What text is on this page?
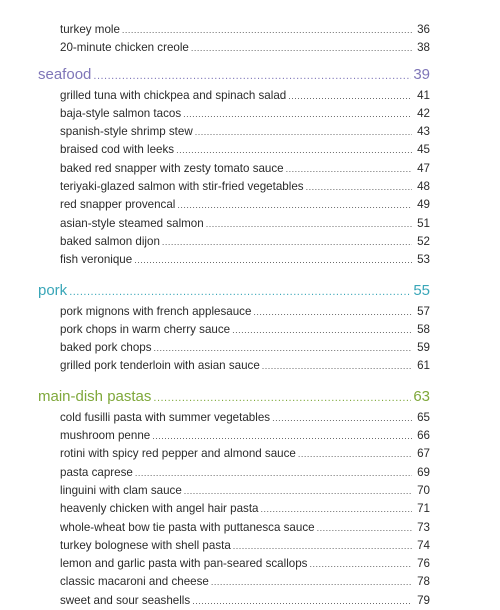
turkey mole .....	36
20-minute chicken creole .....	38
seafood .....	39
grilled tuna with chickpea and spinach salad .....	41
baja-style salmon tacos .....	42
spanish-style shrimp stew .....	43
braised cod with leeks .....	45
baked red snapper with zesty tomato sauce .....	47
teriyaki-glazed salmon with stir-fried vegetables .....	48
red snapper provencal .....	49
asian-style steamed salmon .....	51
baked salmon dijon .....	52
fish veronique .....	53
pork .....	55
pork mignons with french applesauce .....	57
pork chops in warm cherry sauce .....	58
baked pork chops .....	59
grilled pork tenderloin with asian sauce .....	61
main-dish pastas .....	63
cold fusilli pasta with summer vegetables .....	65
mushroom penne .....	66
rotini with spicy red pepper and almond sauce .....	67
pasta caprese .....	69
linguini with clam sauce .....	70
heavenly chicken with angel hair pasta .....	71
whole-wheat bow tie pasta with puttanesca sauce .....	73
turkey bolognese with shell pasta .....	74
lemon and garlic pasta with pan-seared scallops .....	76
classic macaroni and cheese .....	78
sweet and sour seashells .....	79
